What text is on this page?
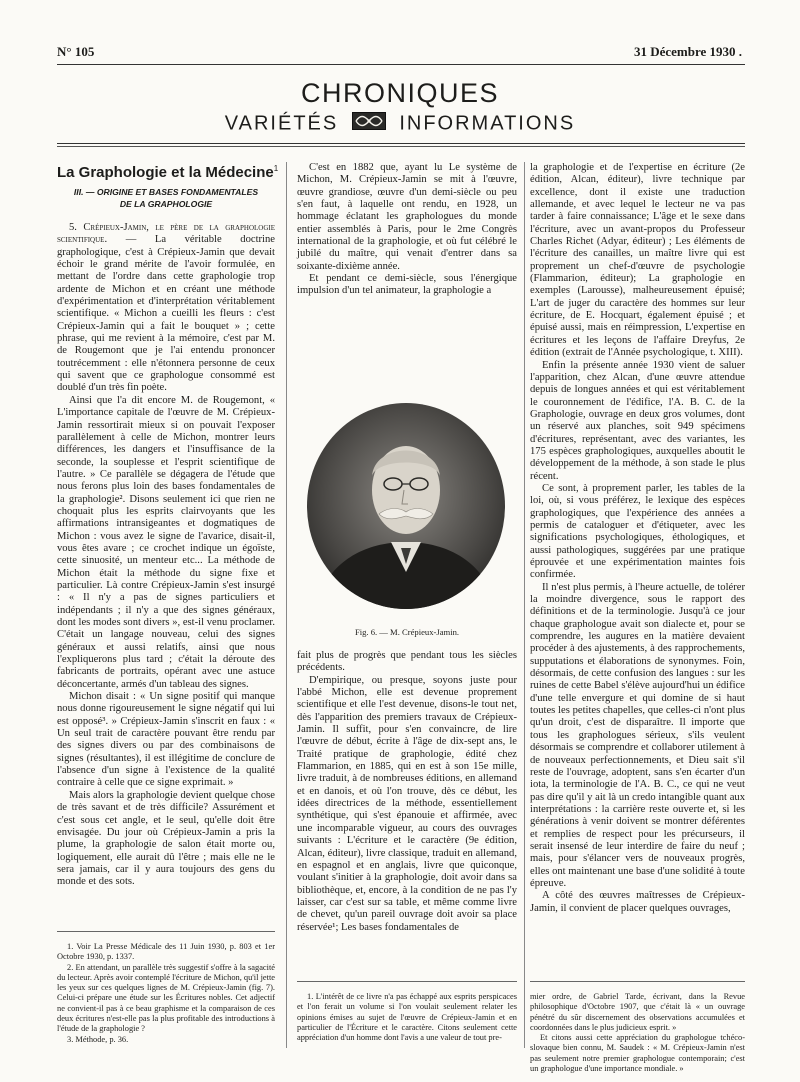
N° 105	31 Décembre 1930 .
CHRONIQUES
VARIÉTÉS	INFORMATIONS
La Graphologie et la Médecine$^1$
III. — ORIGINE ET BASES FONDAMENTALES
DE LA GRAPHOLOGIE

5. Crépieux-Jamin, le père de la graphologie scientifique. — La véritable doctrine graphologique, c'est à Crépieux-Jamin que devait échoir le grand mérite de l'avoir formulée, en mettant de l'ordre dans cette graphologie trop ardente de Michon et en créant une méthode d'expérimentation et d'interprétation véritablement scientifique. « Michon a cueilli les fleurs : c'est Crépieux-Jamin qui a fait le bouquet » ; cette phrase, qui me revient à la mémoire, c'est par M. de Rougemont que je l'ai entendu prononcer toutrécemment : elle n'étonnera personne de ceux qui savent que ce graphologue consommé est doublé d'un très fin poète.

Ainsi que l'a dit encore M. de Rougemont, « L'importance capitale de l'œuvre de M. Crépieux-Jamin ressortirait mieux si on pouvait l'exposer parallèlement à celle de Michon, montrer leurs différences, les dangers et l'insuffisance de la seconde, la souplesse et l'esprit scientifique de l'autre. » Ce parallèle se dégagera de l'étude que nous ferons plus loin des bases fondamentales de la graphologie². Disons seulement ici que rien ne choquait plus les esprits clairvoyants que les affirmations intransigeantes et dogmatiques de Michon : vous avez le signe de l'avarice, disait-il, vous êtes avare ; ce crochet indique un égoïste, cette sinuosité, un menteur etc... La méthode de Michon était la méthode du signe fixe et particulier. Là contre Crépieux-Jamin s'est insurgé : « Il n'y a pas de signes particuliers et indépendants ; il n'y a que des signes généraux, dont les modes sont divers », est-il venu proclamer. C'était un langage nouveau, celui des signes généraux et aussi relatifs, ainsi que nous l'expliquerons plus tard ; c'était la déroute des fabricants de portraits, opérant avec une astuce déconcertante, armés d'un tableau des signes.

Michon disait : « Un signe positif qui manque nous donne rigoureusement le signe négatif qui lui est opposé³. » Crépieux-Jamin s'inscrit en faux : « Un seul trait de caractère pouvant être rendu par des signes divers ou par des combinaisons de signes (résultantes), il est illégitime de conclure de l'absence d'un signe à l'existence de la qualité contraire à celle que ce signe exprimait. »

Mais alors la graphologie devient quelque chose de très savant et de très difficile? Assurément et c'est sous cet angle, et le seul, qu'elle doit être envisagée. Du jour où Crépieux-Jamin a pris la plume, la graphologie de salon était morte ou, logiquement, elle aurait dû l'être ; mais elle ne le sera jamais, car il y aura toujours des gens du monde et des sots.

1. Voir La Presse Médicale des 11 Juin 1930, p. 803 et 1er Octobre 1930, p. 1337.

2. En attendant, un parallèle très suggestif s'offre à la sagacité du lecteur. Après avoir contemplé l'écriture de Michon, qu'il jette les yeux sur ces quelques lignes de M. Crépieux-Jamin (fig. 7). Celui-ci prépare une étude sur les Écritures nobles. Cet adjectif ne convient-il pas à ce beau graphisme et la comparaison de ces deux écritures n'est-elle pas la plus profitable des introductions à l'étude de la graphologie ?

3. Méthode, p. 36.

C'est en 1882 que, ayant lu Le système de Michon, M. Crépieux-Jamin se mit à l'œuvre, œuvre grandiose, œuvre d'un demi-siècle ou peu s'en faut, à laquelle ont rendu, en 1928, un hommage éclatant les graphologues du monde entier assemblés à Paris, pour le 2me Congrès international de la graphologie, et où fut célébré le jubilé du maître, qui venait d'entrer dans sa soixante-dixième année.

Et pendant ce demi-siècle, sous l'énergique impulsion d'un tel animateur, la graphologie a

Fig. 6. — M. Crépieux-Jamin.

fait plus de progrès que pendant tous les siècles précédents.

D'empirique, ou presque, soyons juste pour l'abbé Michon, elle est devenue proprement scientifique et elle l'est devenue, disons-le tout net, dès l'apparition des premiers travaux de Crépieux-Jamin. Il suffit, pour s'en convaincre, de lire l'œuvre de début, écrite à l'âge de dix-sept ans, le Traité pratique de graphologie, édité chez Flammarion, en 1885, qui en est à son 15e mille, livre traduit, à de nombreuses éditions, en allemand et en danois, et où l'on trouve, dès ce début, les idées directrices de la méthode, essentiellement synthétique, qui s'est épanouie et affirmée, avec une incomparable vigueur, au cours des ouvrages suivants : L'écriture et le caractère (9e édition, Alcan, éditeur), livre classique, traduit en allemand, en espagnol et en anglais, livre que quiconque, voulant s'initier à la graphologie, doit avoir dans sa bibliothèque, et, encore, à la condition de ne pas l'y laisser, car c'est sur sa table, et même comme livre de chevet, qu'un pareil ouvrage doit avoir sa place réservée¹; Les bases fondamentales de

1. L'intérêt de ce livre n'a pas échappé aux esprits perspicaces et l'on ferait un volume si l'on voulait seulement relater les opinions émises au sujet de l'œuvre de Crépieux-Jamin et en particulier de l'Écriture et le caractère. Citons seulement cette appréciation d'un homme dont l'avis a une valeur de tout pre-

la graphologie et de l'expertise en écriture (2e édition, Alcan, éditeur), livre technique par excellence, dont il existe une traduction allemande, et avec lequel le lecteur ne va pas tarder à faire connaissance; L'âge et le sexe dans l'écriture, avec un avant-propos du Professeur Charles Richet (Adyar, éditeur) ; Les éléments de l'écriture des canailles, un maître livre qui est proprement un chef-d'œuvre de psychologie (Flammarion, éditeur); La graphologie en exemples (Larousse), malheureusement épuisé; L'art de juger du caractère des hommes sur leur écriture, de E. Hocquart, également épuisé ; et épuisé aussi, mais en réimpression, L'expertise en écritures et les leçons de l'affaire Dreyfus, 2e édition (extrait de l'Année psychologique, t. XIII).

Enfin la présente année 1930 vient de saluer l'apparition, chez Alcan, d'une œuvre attendue depuis de longues années et qui est véritablement le couronnement de l'édifice, l'A. B. C. de la Graphologie, ouvrage en deux gros volumes, dont un réservé aux planches, soit 949 spécimens d'écritures, représentant, avec des variantes, les 175 espèces graphologiques, auxquelles aboutit le développement de la méthode, à son stade le plus récent.

Ce sont, à proprement parler, les tables de la loi, où, si vous préférez, le lexique des espèces graphologiques, que l'expérience des années a permis de cataloguer et d'étiqueter, avec les significations psychologiques, éthologiques, et aussi pathologiques, suggérées par une pratique éprouvée et une expérimentation maintes fois confirmée.

Il n'est plus permis, à l'heure actuelle, de tolérer la moindre divergence, sous le rapport des définitions et de la terminologie. Jusqu'à ce jour chaque graphologue avait son dialecte et, pour se comprendre, les augures en la matière devaient procéder à des ajustements, à des rapprochements, supputations et élaborations de synonymes. Foin, désormais, de cette confusion des langues : sur les ruines de cette Babel s'élève aujourd'hui un édifice d'une telle envergure et qui domine de si haut toutes les petites chapelles, que celles-ci n'ont plus qu'un droit, c'est de disparaître. Il importe que tous les graphologues sérieux, s'ils veulent désormais se comprendre et collaborer utilement à de nouveaux perfectionnements, et Dieu sait s'il reste de l'ouvrage, adoptent, sans s'en écarter d'un iota, la terminologie de l'A. B. C., ce qui ne veut pas dire qu'il y ait là un credo intangible quant aux interprétations : la carrière reste ouverte et, si les générations à venir doivent se montrer déférentes et remplies de respect pour les précurseurs, il serait insensé de leur interdire de faire du neuf ; mais, pour s'élancer vers de nouveaux progrès, elles ont maintenant une base d'une solidité à toute épreuve.

A côté des œuvres maîtresses de Crépieux-Jamin, il convient de placer quelques ouvrages,

mier ordre, de Gabriel Tarde, écrivant, dans la Revue philosophique d'Octobre 1907, que c'était là « un ouvrage pénétré du sûr discernement des observations accumulées et coordonnées dans le plus judicieux esprit. »

Et citons aussi cette appréciation du graphologue tchéco-slovaque bien connu, M. Saudek : « M. Crépieux-Jamin n'est pas seulement notre premier graphologue contemporain; c'est un graphologue d'une importance mondiale. »
